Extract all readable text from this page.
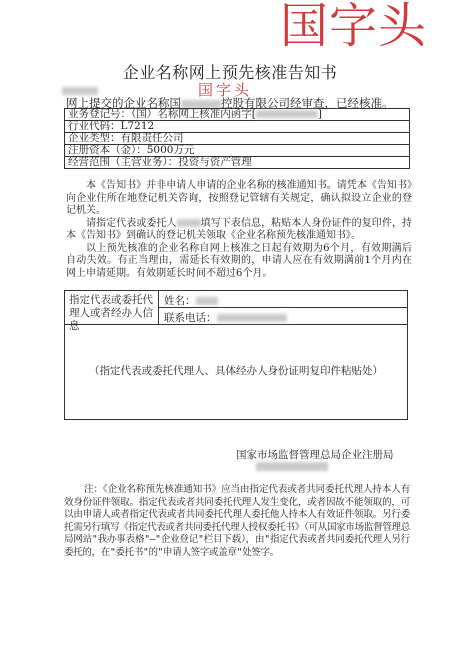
国字头
企业名称网上预先核准告知书
国字头
网上提交的企业名称国	控股有限公司经审查，已经核准。
业务登记号：（国）名称网上核准内函字[	]
行业代码：L7212
企业类型：有限责任公司
注册资本（金）：5000万元
经营范围（主营业务）：投资与资产管理

本《告知书》并非申请人申请的企业名称的核准通知书。请凭本《告知书》向企业住所在地登记机关咨询，按照登记管辖有关规定，确认拟设立企业的登记机关。

请指定代表或委托人 填写下表信息，粘贴本人身份证件的复印件，持本《告知书》到确认的登记机关领取《企业名称预先核准通知书》。

以上预先核准的企业名称自网上核准之日起有效期为6个月，有效期满后自动失效。有正当理由，需延长有效期的，申请人应在有效期满前1个月内在网上申请延期。有效期延长时间不超过6个月。

指定代表或委托代理人或者经办人信息
姓名：
联系电话：
（指定代表或委托代理人、具体经办人身份证明复印件粘贴处）
国家市场监督管理总局企业注册局

注：《企业名称预先核准通知书》应当由指定代表或者共同委托代理人持本人有效身份证件领取。指定代表或者共同委托代理人发生变化，或者因故不能领取的，可以由申请人或者指定代表或者共同委托代理人委托他人持本人有效证件领取。另行委托需另行填写《指定代表或者共同委托代理人授权委托书》（可从国家市场监督管理总局网站"我办事表格"—"企业登记"栏目下载），由"指定代表或者共同委托代理人另行委托的，在"委托书"的"申请人签字或盖章"处签字。
